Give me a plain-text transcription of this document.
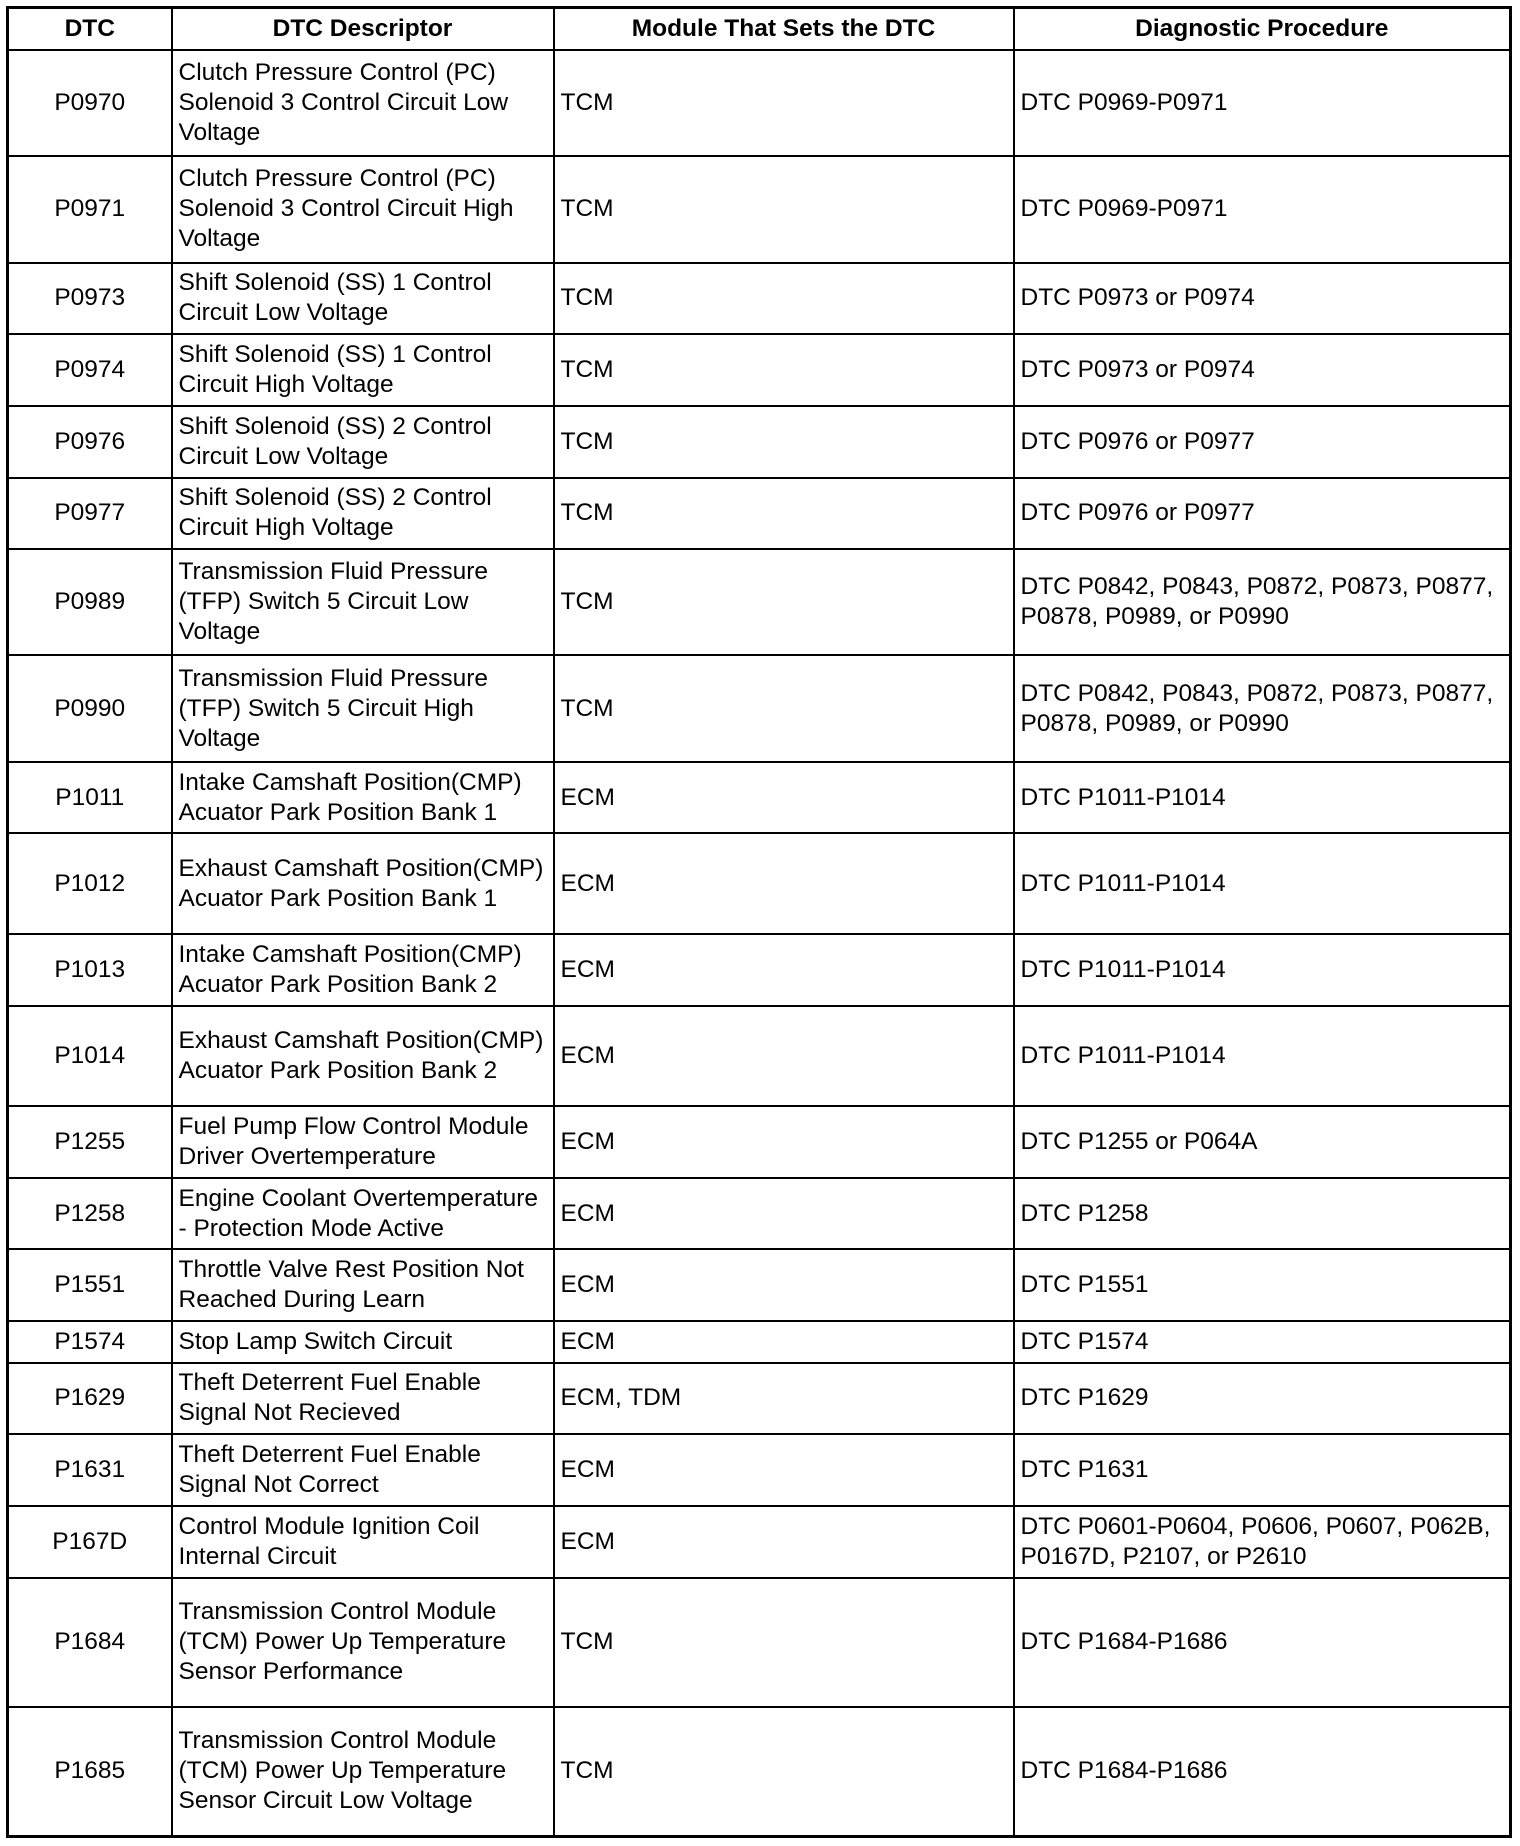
DTC	DTC Descriptor	Module That Sets the DTC	Diagnostic Procedure
P0970	Clutch Pressure Control (PC) Solenoid 3 Control Circuit Low Voltage	TCM	DTC P0969-P0971
P0971	Clutch Pressure Control (PC) Solenoid 3 Control Circuit High Voltage	TCM	DTC P0969-P0971
P0973	Shift Solenoid (SS) 1 Control Circuit Low Voltage	TCM	DTC P0973 or P0974
P0974	Shift Solenoid (SS) 1 Control Circuit High Voltage	TCM	DTC P0973 or P0974
P0976	Shift Solenoid (SS) 2 Control Circuit Low Voltage	TCM	DTC P0976 or P0977
P0977	Shift Solenoid (SS) 2 Control Circuit High Voltage	TCM	DTC P0976 or P0977
P0989	Transmission Fluid Pressure (TFP) Switch 5 Circuit Low Voltage	TCM	DTC P0842, P0843, P0872, P0873, P0877, P0878, P0989, or P0990
P0990	Transmission Fluid Pressure (TFP) Switch 5 Circuit High Voltage	TCM	DTC P0842, P0843, P0872, P0873, P0877, P0878, P0989, or P0990
P1011	Intake Camshaft Position(CMP) Acuator Park Position Bank 1	ECM	DTC P1011-P1014
P1012	Exhaust Camshaft Position(CMP) Acuator Park Position Bank 1	ECM	DTC P1011-P1014
P1013	Intake Camshaft Position(CMP) Acuator Park Position Bank 2	ECM	DTC P1011-P1014
P1014	Exhaust Camshaft Position(CMP) Acuator Park Position Bank 2	ECM	DTC P1011-P1014
P1255	Fuel Pump Flow Control Module Driver Overtemperature	ECM	DTC P1255 or P064A
P1258	Engine Coolant Overtemperature - Protection Mode Active	ECM	DTC P1258
P1551	Throttle Valve Rest Position Not Reached During Learn	ECM	DTC P1551
P1574	Stop Lamp Switch Circuit	ECM	DTC P1574
P1629	Theft Deterrent Fuel Enable Signal Not Recieved	ECM, TDM	DTC P1629
P1631	Theft Deterrent Fuel Enable Signal Not Correct	ECM	DTC P1631
P167D	Control Module Ignition Coil Internal Circuit	ECM	DTC P0601-P0604, P0606, P0607, P062B, P0167D, P2107, or P2610
P1684	Transmission Control Module (TCM) Power Up Temperature Sensor Performance	TCM	DTC P1684-P1686
P1685	Transmission Control Module (TCM) Power Up Temperature Sensor Circuit Low Voltage	TCM	DTC P1684-P1686
